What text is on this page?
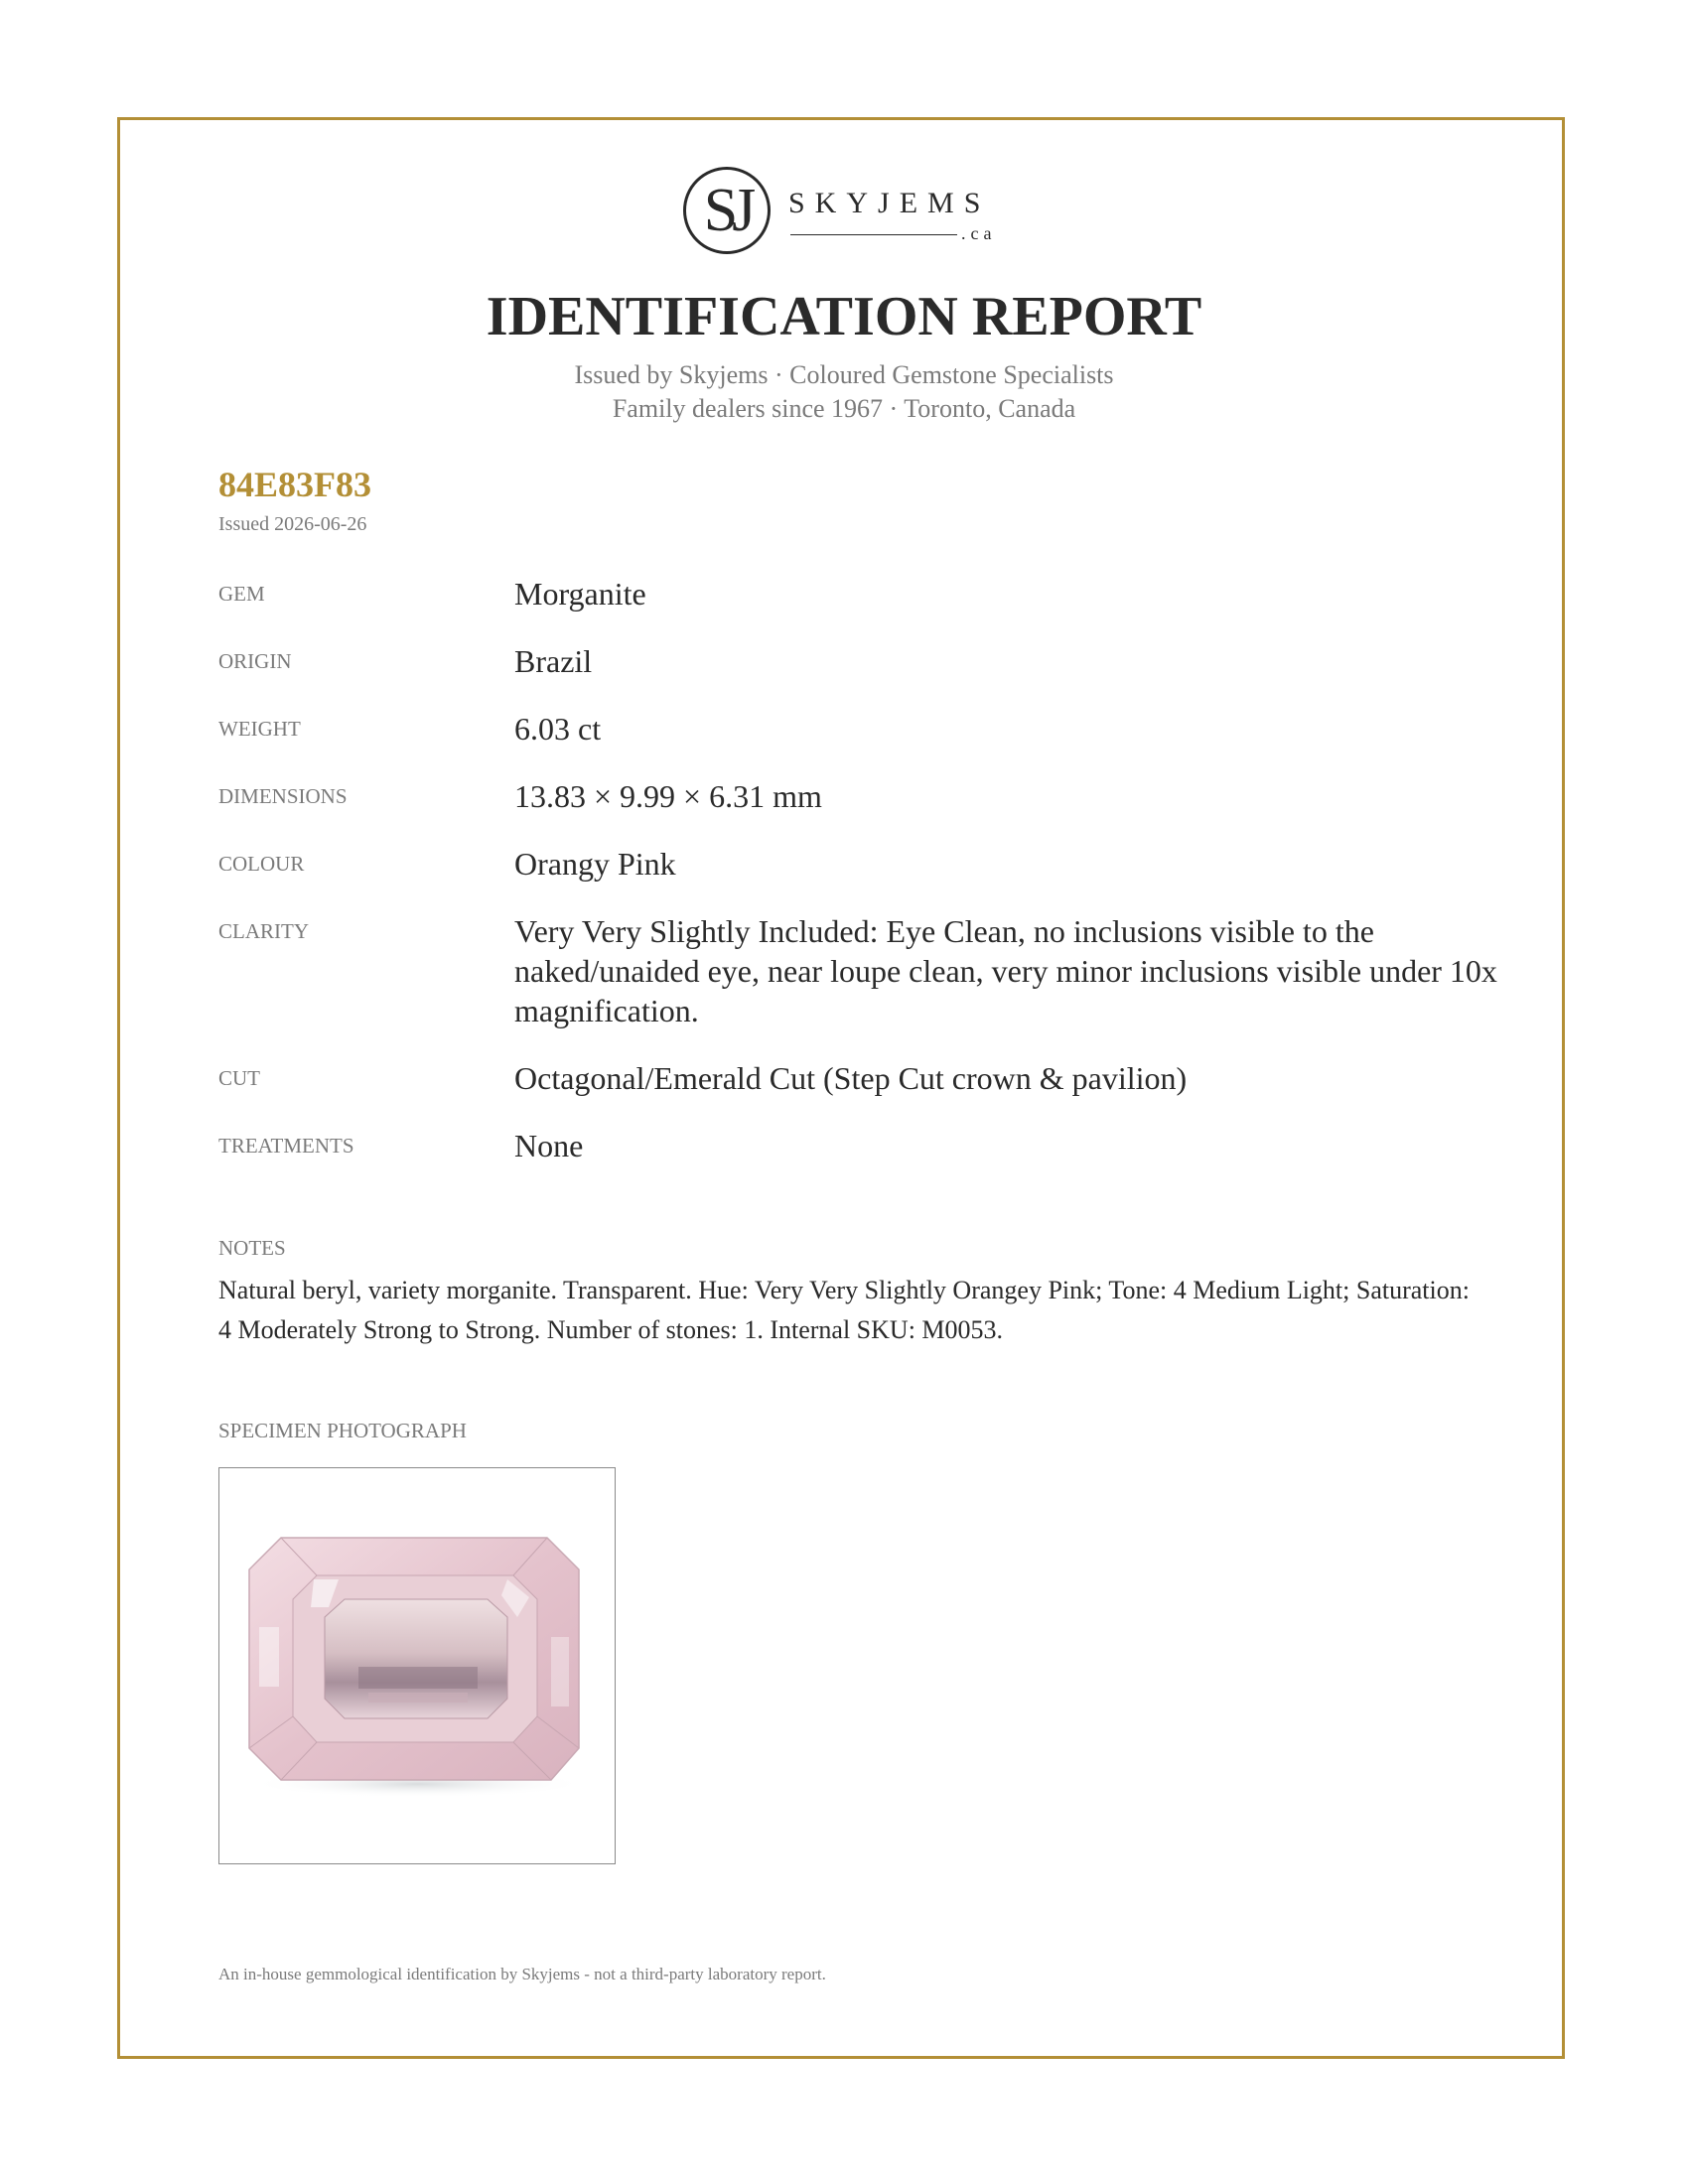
SJ	SKYJEMS
.ca
IDENTIFICATION REPORT
Issued by Skyjems · Coloured Gemstone Specialists
Family dealers since 1967 · Toronto, Canada
84E83F83
Issued 2026-06-26
GEM	Morganite
ORIGIN	Brazil
WEIGHT	6.03 ct
DIMENSIONS	13.83 × 9.99 × 6.31 mm
COLOUR	Orangy Pink
CLARITY	Very Very Slightly Included: Eye Clean, no inclusions visible to the naked/unaided eye, near loupe clean, very minor inclusions visible under 10x magnification.
CUT	Octagonal/Emerald Cut (Step Cut crown & pavilion)
TREATMENTS	None
NOTES
Natural beryl, variety morganite. Transparent. Hue: Very Very Slightly Orangey Pink; Tone: 4 Medium Light; Saturation: 4 Moderately Strong to Strong. Number of stones: 1. Internal SKU: M0053.
SPECIMEN PHOTOGRAPH
An in-house gemmological identification by Skyjems - not a third-party laboratory report.
